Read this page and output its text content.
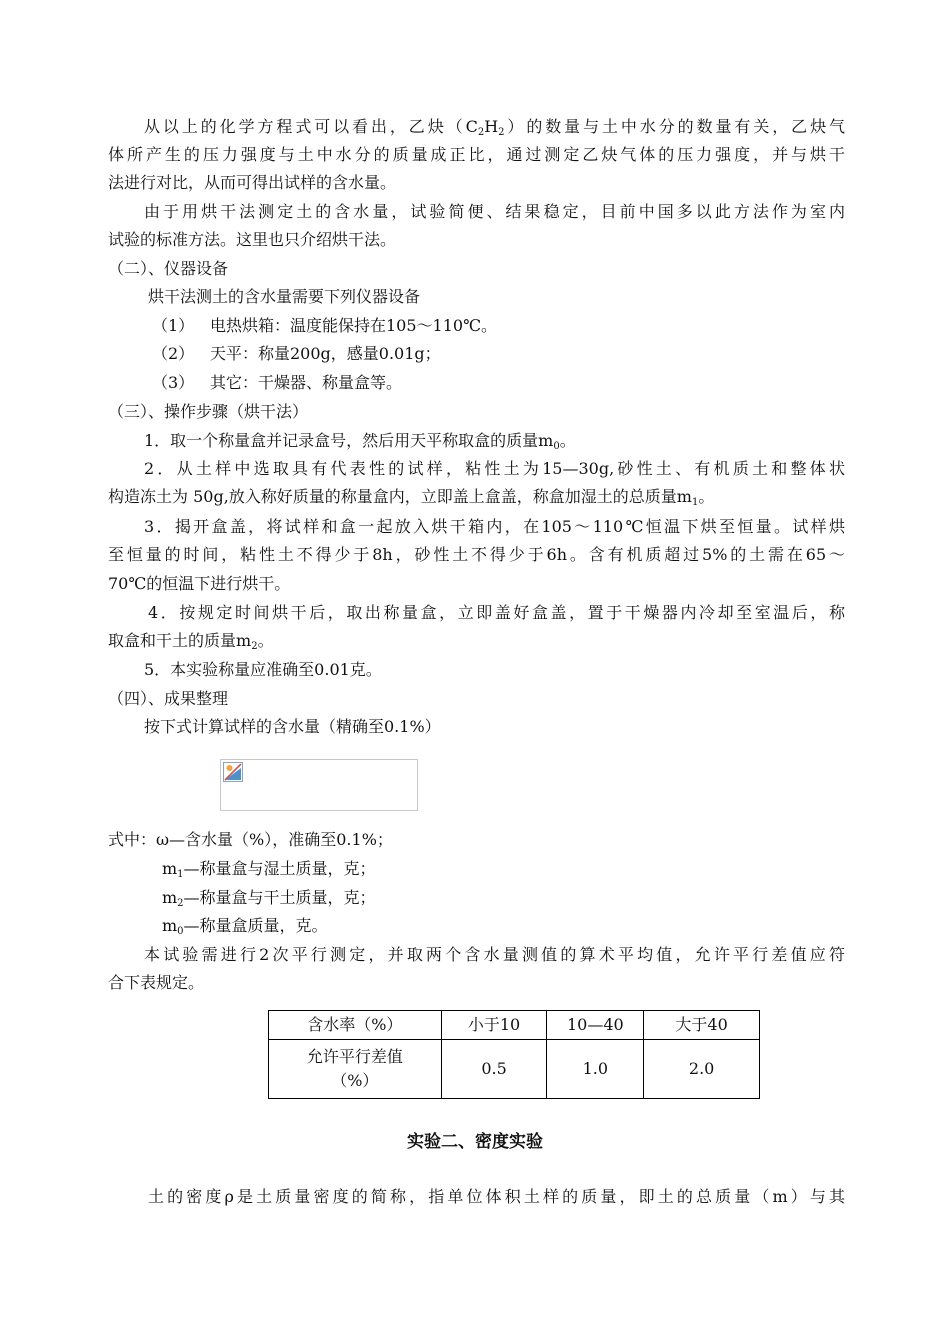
从以上的化学方程式可以看出，乙炔$(C_2H_2)$的数量与土中水分的数量有关，乙炔气
体所产生的压力强度与土中水分的质量成正比，通过测定乙炔气体的压力强度，并与烘干
法进行对比，从而可得出试样的含水量。
由于用烘干法测定土的含水量，试验简便、结果稳定，目前中国多以此方法作为室内
试验的标准方法。这里也只介绍烘干法。
（二）、仪器设备
烘干法测土的含水量需要下列仪器设备
（1） 电热烘箱：温度能保持在105～110℃。
（2） 天平：称量200g，感量0.01g；
（3） 其它：干燥器、称量盒等。
（三）、操作步骤（烘干法）
1．取一个称量盒并记录盒号，然后用天平称取盒的质量$m_0$。
2．从土样中选取具有代表性的试样，粘性土为15—30g,砂性土、有机质土和整体状
构造冻土为 50g,放入称好质量的称量盒内，立即盖上盒盖，称盒加湿土的总质量$m_1$。
3．揭开盒盖，将试样和盒一起放入烘干箱内，在105～110℃恒温下烘至恒量。试样烘
至恒量的时间，粘性土不得少于8h，砂性土不得少于6h。含有机质超过5%的土需在65～
70℃的恒温下进行烘干。
4．按规定时间烘干后，取出称量盒，立即盖好盒盖，置于干燥器内冷却至室温后，称
取盒和干土的质量$m_2$。
5．本实验称量应准确至0.01克。
（四）、成果整理
按下式计算试样的含水量（精确至0.1%）
式中：ω—含水量（%），准确至0.1%；
$m_1—$称量盒与湿土质量，克；
$m_2—$称量盒与干土质量，克；
$m_0—$称量盒质量，克。
本试验需进行2次平行测定，并取两个含水量测值的算术平均值，允许平行差值应符
合下表规定。
含水率（%）	小于10	10—40	大于40

允许平行差值
（%）	0.5	1.0	2.0
实验二、密度实验
土的密度ρ是土质量密度的简称，指单位体积土样的质量，即土的总质量（m）与其
